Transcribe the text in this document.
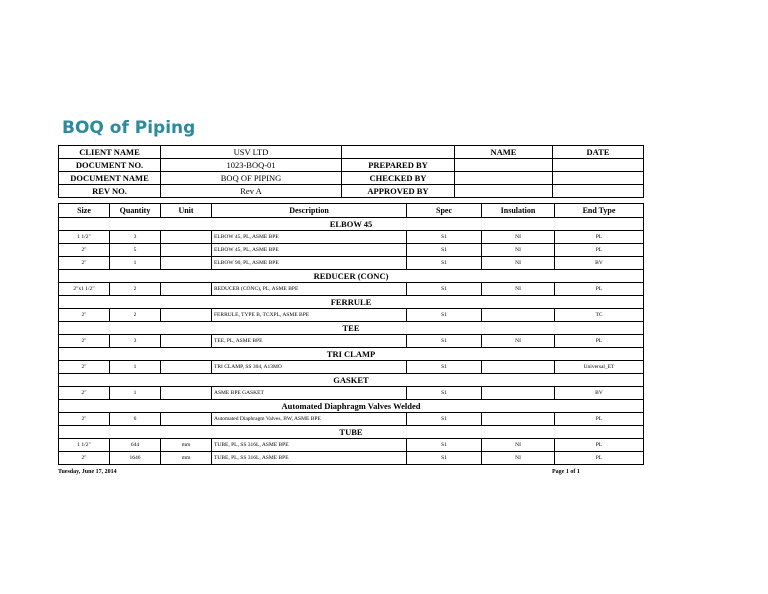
BOQ of Piping
CLIENT NAME	USV LTD		NAME	DATE
DOCUMENT NO.	1023-BOQ-01	PREPARED BY		
DOCUMENT NAME	BOQ OF PIPING	CHECKED BY		
REV NO.	Rev A	APPROVED BY		
Size	Quantity	Unit	Description	Spec	Insulation	End Type
ELBOW 45						
1 1/2"	3		ELBOW 45, PL, ASME BPE	S1	NI	PL
2"	5		ELBOW 45, PL, ASME BPE	S1	NI	PL
2"	1		ELBOW 90, PL, ASME BPE	S1	NI	BV
REDUCER (CONC)						
2"x1 1/2"	2		REDUCER (CONC), PL, ASME BPE	S1	NI	PL
FERRULE						
2"	2		FERRULE, TYPE B, TCXPL, ASME BPE	S1		TC
TEE						
2"	3		TEE, PL, ASME BPE	S1	NI	PL
TRI CLAMP						
2"	1		TRI CLAMP, SS 304, A13MO	S1		Universal_ET
GASKET						
2"	1		ASME BPE GASKET	S1		BV
Automated Diaphragm Valves Welded						
2"	6		Automated Diaphragm Valves, BW, ASME BPE	S1		PL
TUBE						
1 1/2"	644	mm	TUBE, PL, SS 316L, ASME BPE	S1	NI	PL
2"	1646	mm	TUBE, PL, SS 316L, ASME BPE	S1	NI	PL
Tuesday, June 17, 2014	Page 1 of 1
